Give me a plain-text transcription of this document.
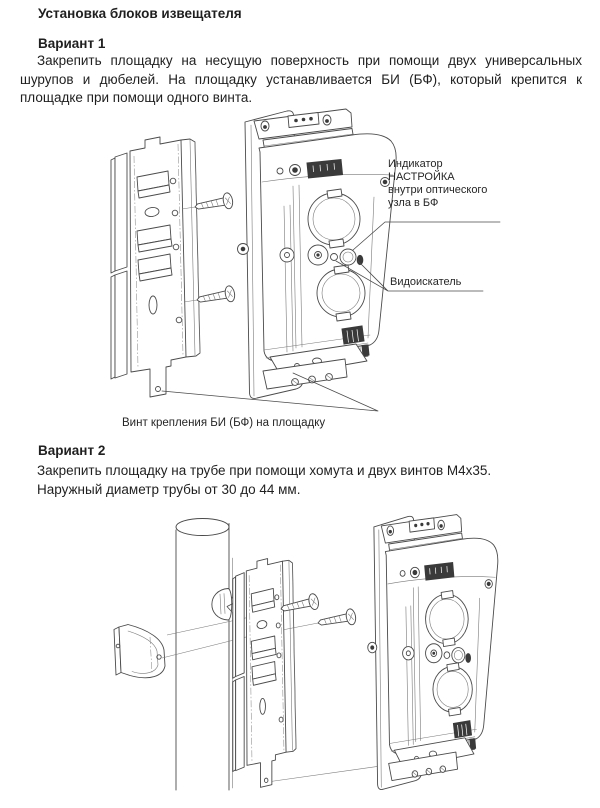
Установка блоков извещателя
Вариант 1
Закрепить площадку на несущую поверхность при помощи двух универсальных шурупов и дюбелей. На площадку устанавливается БИ (БФ), который крепится к площадке при помощи одного винта.
Индикатор
НАСТРОЙКА
внутри оптического
узла в БФ
Видоискатель
Винт крепления БИ (БФ) на площадку
Вариант 2
Закрепить площадку на трубе при помощи хомута и двух винтов М4х35.
Наружный диаметр трубы от 30 до 44 мм.
